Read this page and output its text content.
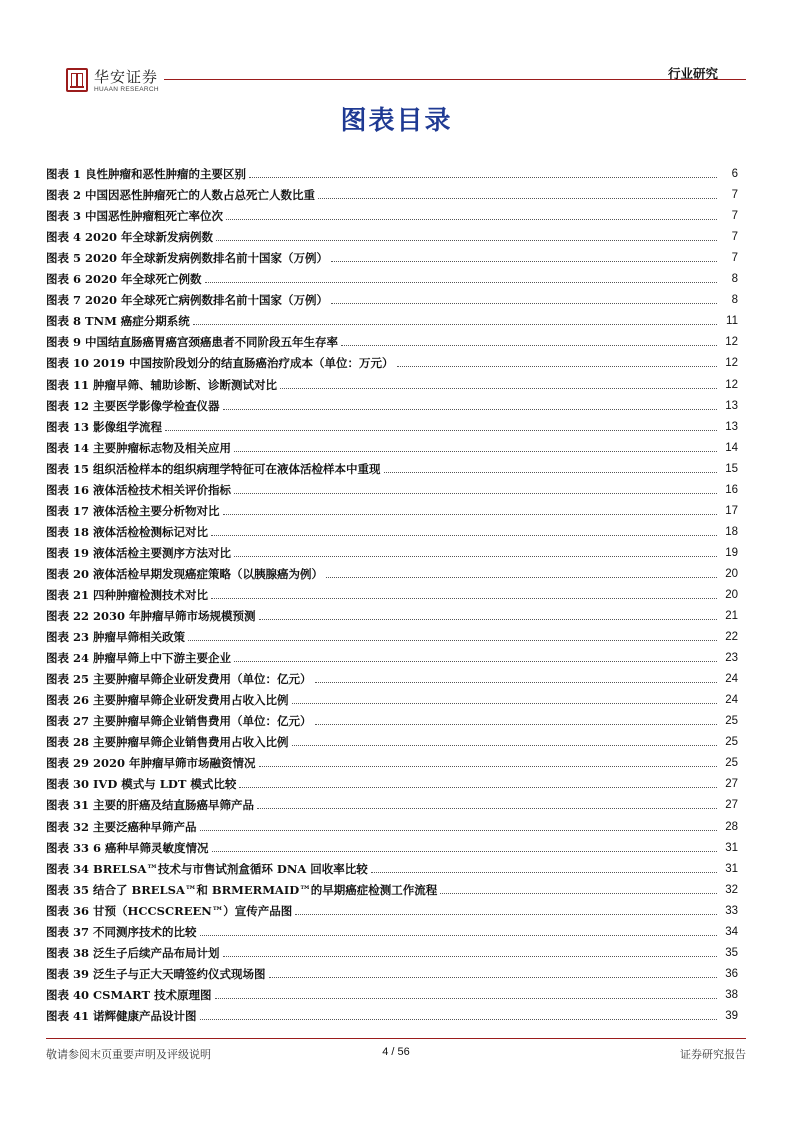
华安证券
HUAAN RESEARCH
行业研究
图表目录
图表 1 良性肿瘤和恶性肿瘤的主要区别	6
图表 2 中国因恶性肿瘤死亡的人数占总死亡人数比重	7
图表 3 中国恶性肿瘤粗死亡率位次	7
图表 4 2020 年全球新发病例数	7
图表 5 2020 年全球新发病例数排名前十国家（万例）	7
图表 6 2020 年全球死亡例数	8
图表 7 2020 年全球死亡病例数排名前十国家（万例）	8
图表 8 TNM 癌症分期系统	11
图表 9 中国结直肠癌胃癌宫颈癌患者不同阶段五年生存率	12
图表 10 2019 中国按阶段划分的结直肠癌治疗成本（单位：万元）	12
图表 11 肿瘤早筛、辅助诊断、诊断测试对比	12
图表 12 主要医学影像学检查仪器	13
图表 13 影像组学流程	13
图表 14 主要肿瘤标志物及相关应用	14
图表 15 组织活检样本的组织病理学特征可在液体活检样本中重现	15
图表 16 液体活检技术相关评价指标	16
图表 17 液体活检主要分析物对比	17
图表 18 液体活检检测标记对比	18
图表 19 液体活检主要测序方法对比	19
图表 20 液体活检早期发现癌症策略（以胰腺癌为例）	20
图表 21 四种肿瘤检测技术对比	20
图表 22 2030 年肿瘤早筛市场规模预测	21
图表 23 肿瘤早筛相关政策	22
图表 24 肿瘤早筛上中下游主要企业	23
图表 25 主要肿瘤早筛企业研发费用（单位：亿元）	24
图表 26 主要肿瘤早筛企业研发费用占收入比例	24
图表 27 主要肿瘤早筛企业销售费用（单位：亿元）	25
图表 28 主要肿瘤早筛企业销售费用占收入比例	25
图表 29 2020 年肿瘤早筛市场融资情况	25
图表 30 IVD 模式与 LDT 模式比较	27
图表 31 主要的肝癌及结直肠癌早筛产品	27
图表 32 主要泛癌种早筛产品	28
图表 33 6 癌种早筛灵敏度情况	31
图表 34 BRELSA™技术与市售试剂盒循环 DNA 回收率比较	31
图表 35 结合了 BRELSA™和 BRMERMAID™的早期癌症检测工作流程	32
图表 36 甘预（HCCSCREEN™）宣传产品图	33
图表 37 不同测序技术的比较	34
图表 38 泛生子后续产品布局计划	35
图表 39 泛生子与正大天晴签约仪式现场图	36
图表 40 CSMART 技术原理图	38
图表 41 诺辉健康产品设计图	39
敬请参阅末页重要声明及评级说明	4 / 56	证券研究报告
